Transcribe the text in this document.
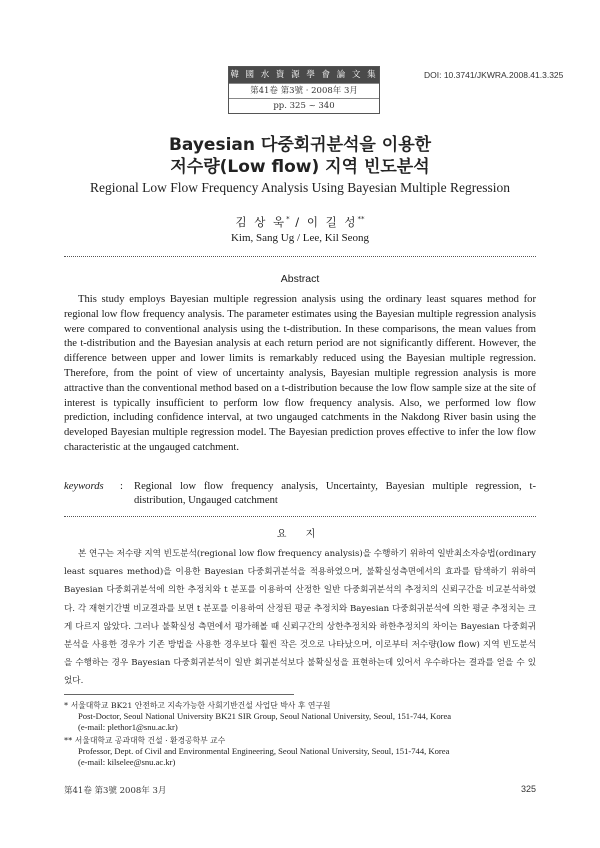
韓 國 水 資 源 學 會 論 文 集
第41卷 第3號 · 2008年 3月
pp. 325 ~ 340
DOI: 10.3741/JKWRA.2008.41.3.325
Bayesian 다중회귀분석을 이용한
저수량(Low flow) 지역 빈도분석
Regional Low Flow Frequency Analysis Using Bayesian Multiple Regression
김 상 욱* / 이 길 성**
Kim, Sang Ug / Lee, Kil Seong
Abstract
This study employs Bayesian multiple regression analysis using the ordinary least squares method for regional low flow frequency analysis. The parameter estimates using the Bayesian multiple regression analysis were compared to conventional analysis using the t-distribution. In these comparisons, the mean values from the t-distribution and the Bayesian analysis at each return period are not significantly different. However, the difference between upper and lower limits is remarkably reduced using the Bayesian multiple regression. Therefore, from the point of view of uncertainty analysis, Bayesian multiple regression analysis is more attractive than the conventional method based on a t-distribution because the low flow sample size at the site of interest is typically insufficient to perform low flow frequency analysis. Also, we performed low flow prediction, including confidence interval, at two ungauged catchments in the Nakdong River basin using the developed Bayesian multiple regression model. The Bayesian prediction proves effective to infer the low flow characteristic at the ungauged catchment.
keywords	:	Regional low flow frequency analysis, Uncertainty, Bayesian multiple regression, t-distribution, Ungauged catchment
요 지
본 연구는 저수량 지역 빈도분석(regional low flow frequency analysis)을 수행하기 위하여 일반최소자승법(ordinary least squares method)을 이용한 Bayesian 다중회귀분석을 적용하였으며, 불확실성측면에서의 효과를 탐색하기 위하여 Bayesian 다중회귀분석에 의한 추정치와 t 분포를 이용하여 산정한 일반 다중회귀분석의 추정치의 신뢰구간을 비교분석하였다. 각 재현기간별 비교결과를 보면 t 분포를 이용하여 산정된 평균 추정치와 Bayesian 다중회귀분석에 의한 평균 추정치는 크게 다르지 않았다. 그러나 불확실성 측면에서 평가해볼 때 신뢰구간의 상한추정치와 하한추정치의 차이는 Bayesian 다중회귀분석을 사용한 경우가 기존 방법을 사용한 경우보다 훨씬 작은 것으로 나타났으며, 이로부터 저수량(low flow) 지역 빈도분석을 수행하는 경우 Bayesian 다중회귀분석이 일반 회귀분석보다 불확실성을 표현하는데 있어서 우수하다는 결과를 얻을 수 있었다.
* 서울대학교 BK21 안전하고 지속가능한 사회기반건설 사업단 박사 후 연구원
Post-Doctor, Seoul National University BK21 SIR Group, Seoul National University, Seoul, 151-744, Korea
(e-mail: plethor1@snu.ac.kr)
** 서울대학교 공과대학 건설 · 환경공학부 교수
Professor, Dept. of Civil and Environmental Engineering, Seoul National University, Seoul, 151-744, Korea
(e-mail: kilselee@snu.ac.kr)
第41卷 第3號 2008年 3月	325
